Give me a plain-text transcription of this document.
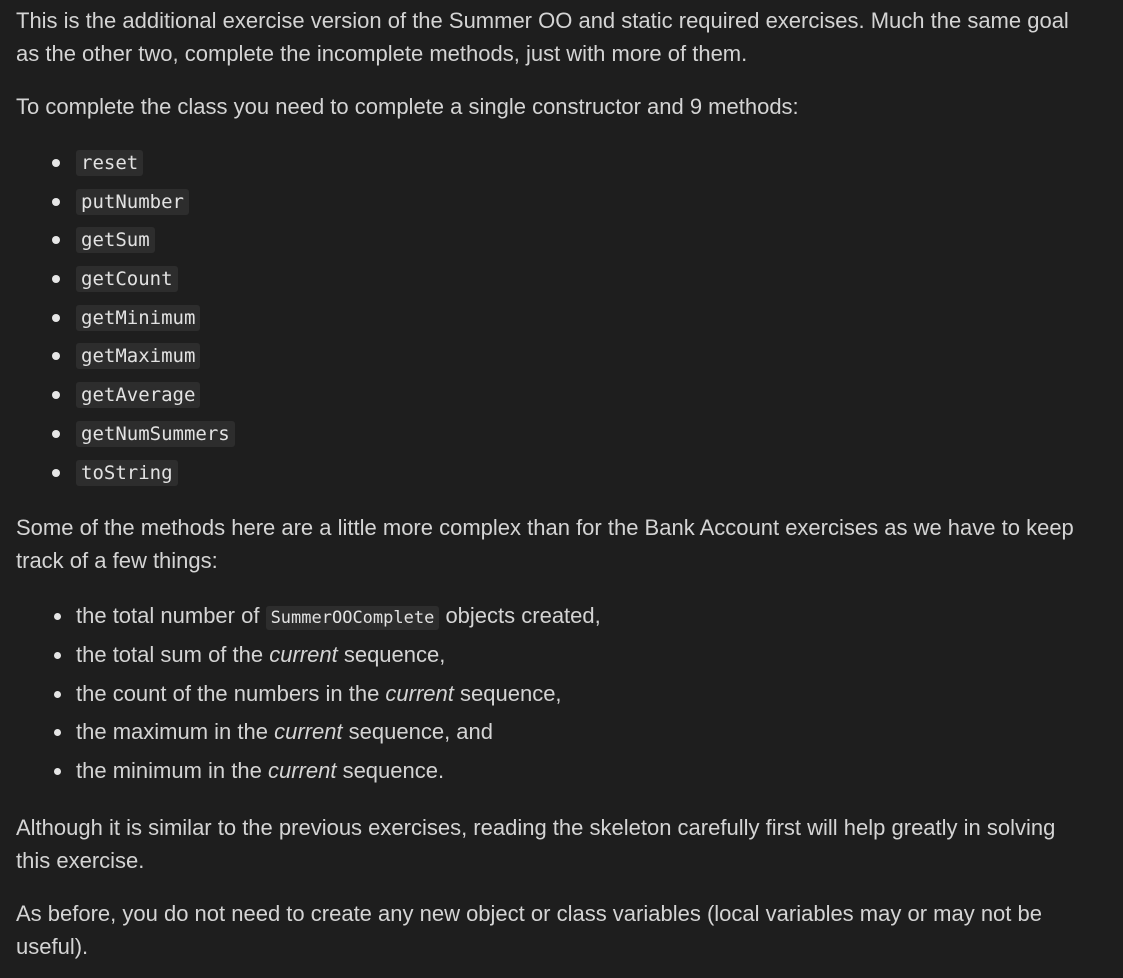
This is the additional exercise version of the Summer OO and static required exercises. Much the same goal as the other two, complete the incomplete methods, just with more of them.

To complete the class you need to complete a single constructor and 9 methods:

reset
putNumber
getSum
getCount
getMinimum
getMaximum
getAverage
getNumSummers
toString

Some of the methods here are a little more complex than for the Bank Account exercises as we have to keep track of a few things:

the total number of SummerOOComplete objects created,
the total sum of the current sequence,
the count of the numbers in the current sequence,
the maximum in the current sequence, and
the minimum in the current sequence.

Although it is similar to the previous exercises, reading the skeleton carefully first will help greatly in solving this exercise.

As before, you do not need to create any new object or class variables (local variables may or may not be useful).
